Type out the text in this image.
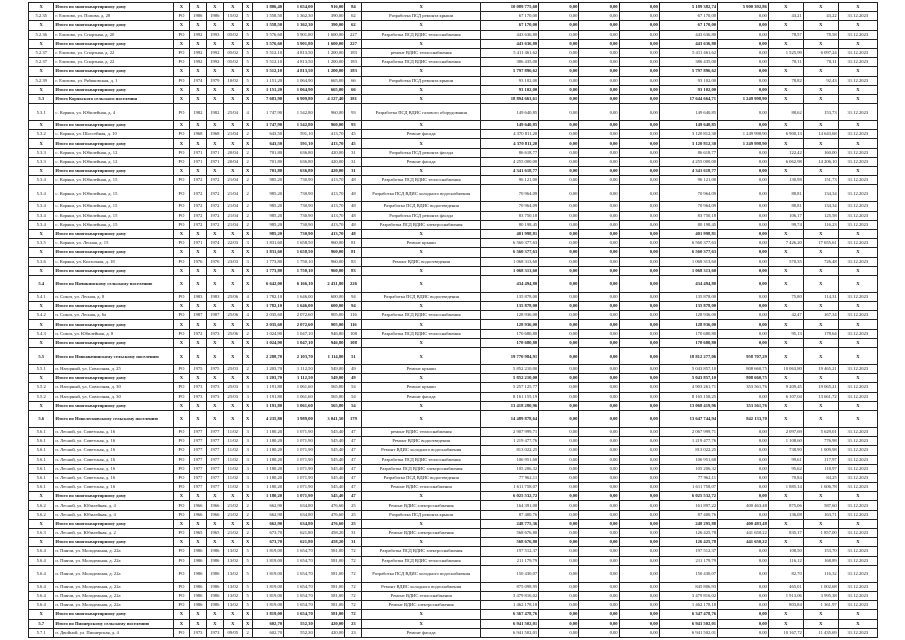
X	Итого по многоквартирному дому	X	X	X	X	X	1 806,40	1 654,00	916,00	84	X	10 089 775,60	0,00	0,00	0,00	5 189 382,74	5 900 392,86	X	X	X
5.2.35	г. Елизово, ул. Попова, д. 28	РО	1986	1986	15/02	5	1 558,50	1 362,30	390,00	62	Разработка ПСД ремонта крыши	67 170,00	0,00	0,00	0,00	67 170,00	0,00	43,21	43,22	31.12.2023
X	Итого по многоквартирному дому	X	X	X	X	X	1 558,50	1 362,30	390,00	62	X	67 170,00	0,00	0,00	0,00	67 170,00	0,00	X	X	X
5.2.36	г. Елизово, ул. Спортная, д. 20	РО	1992	1993	05/02	5	5 576,60	5 901,80	1 600,00	227	Разработка ПСД ВДИС теплоснабжения	443 636,80	0,00	0,00	0,00	443 636,80	0,00	78,57	78,58	31.12.2023
X	Итого по многоквартирному дому	X	X	X	X	X	5 576,60	5 901,80	1 600,00	227	X	443 636,80	0,00	0,00	0,00	443 636,80	0,00	X	X	X
5.2.37	г. Елизово, ул. Спортная, д. 22	РО	1992	1992	05/02	5	5 512,10	4 813,50	1 200,00	183	ремонт ВДИС теплоснабжения	5 411 461,62	0,00	0,00	0,00	5 411 461,62	0,00	1 525,99	6 097,24	31.12.2023
5.2.37	г. Елизово, ул. Спортная, д. 22	РО	1992	1992	05/02	5	5 512,10	4 813,50	1 200,00	183	Разработка ПСД ВДИС теплоснабжения	386 435,00	0,00	0,00	0,00	386 435,00	0,00	70,11	70,11	31.12.2023
X	Итого по многоквартирному дому	X	X	X	X	X	5 512,10	4 813,50	1 200,00	183	X	5 797 896,62	0,00	0,00	0,00	5 797 896,62	0,00	X	X	X
5.2.39	г. Елизово, ул. Рябиковская, д. 1	РО	1974	1979	10/02	5	1 151,20	1 064,90	665,00	66	Разработка ПСД ремонта крыши	93 102,00	0,00	0,00	0,00	93 102,00	0,00	78,82	92,43	31.12.2023
X	Итого по многоквартирному дому	X	X	X	X	X	1 151,20	1 064,90	665,00	66	X	93 102,00	0,00	0,00	0,00	93 102,00	0,00	X	X	X
5.3	Итого Корякского сельского поселения	X	X	X	X	X	7 683,90	6 909,80	4 127,40	381	X	18 894 663,61	0,00	0,00	0,00	17 644 664,71	1 249 998,90	X	X	X
5.3.1	с. Коряки, ул. Юбилейная, д. 4	РО	1982	1982	25/04	4	1 747,90	1 542,80	960,00	93	Разработка ПСД ВДИС газового оборудования	149 640,85	0,00	0,00	0,00	149 640,85	0,00	88,62	153,73	31.12.2023
X	Итого по многоквартирному дому	X	X	X	X	X	1 747,90	1 542,80	960,00	93	X	149 640,85	0,00	0,00	0,00	149 640,85	0,00	X	X	X
5.3.2	с. Коряки, ул. Шоссейная, д. 10	РО	1968	1968	21/04	2	643,50	591,10	413,70	45	Ремонт фасада	4 370 811,20	0,00	0,00	0,00	3 120 812,30	1 249 998,90	6 900,13	14 643,68	31.12.2023
X	Итого по многоквартирному дому	X	X	X	X	X	643,50	591,10	413,70	45	X	4 370 811,20	0,00	0,00	0,00	3 120 812,30	1 249 998,90	X	X	X
5.3.3	с. Коряки, ул. Юбилейная, д. 12	РО	1971	1971	20/04	2	701,80	636,80	420,00	31	Разработка ПСД ремонта фасада	86 618,77	0,00	0,00	0,00	86 618,77	0,00	122,42	160,00	31.12.2023
5.3.3	с. Коряки, ул. Юбилейная, д. 12	РО	1971	1971	20/04	2	701,80	636,80	420,00	31	Ремонт фасада	4 255 000,00	0,00	0,00	0,00	4 255 000,00	0,00	6 062,98	14 206,10	31.12.2023
X	Итого по многоквартирному дому	X	X	X	X	X	701,80	636,80	420,00	31	X	4 341 618,77	0,00	0,00	0,00	4 341 618,77	0,00	X	X	X
5.3.4	с. Коряки, ул. Юбилейная, д. 15	РО	1972	1972	21/04	2	985,20	730,90	413,70	48	Разработка ПСД ВДИС теплоснабжения	96 121,00	0,00	0,00	0,00	96 121,00	0,00	130,98	151,73	31.12.2023
5.3.4	с. Коряки, ул. Юбилейная, д. 15	РО	1972	1972	21/04	2	985,20	730,90	413,70	48	Разработка ПСД ВДИС холодного водоснабжения	70 964,09	0,00	0,00	0,00	70 964,09	0,00	88,81	134,34	31.12.2023
5.3.4	с. Коряки, ул. Юбилейная, д. 15	РО	1972	1972	21/04	2	985,20	730,90	413,70	48	Разработка ПСД ВДИС водоотведения	70 964,09	0,00	0,00	0,00	70 964,09	0,00	88,81	134,34	31.12.2023
5.3.4	с. Коряки, ул. Юбилейная, д. 15	РО	1972	1972	21/04	2	985,20	730,90	413,70	48	Разработка ПСД ремонта фасада	83 750,18	0,00	0,00	0,00	83 750,18	0,00	106,17	125,58	31.12.2023
5.3.4	с. Коряки, ул. Юбилейная, д. 15	РО	1972	1972	21/04	2	985,20	730,90	413,70	48	Разработка ПСД ВДИС электроснабжения	80 198,45	0,00	0,00	0,00	80 198,45	0,00	99,74	116,23	31.12.2023
X	Итого по многоквартирному дому	X	X	X	X	X	985,20	730,90	413,70	48	X	401 998,81	0,00	0,00	0,00	401 998,81	0,00	X	X	X
5.3.5	с. Коряки, ул. Лесная, д. 15	РО	1971	1974	22/03	3	1 831,60	1 658,50	960,00	81	Ремонт крыши	6 560 377,63	0,00	0,00	0,00	6 560 377,63	0,00	7 426,20	17 655,61	31.12.2023
X	Итого по многоквартирному дому	X	X	X	X	X	1 831,60	1 658,50	960,00	81	X	6 560 377,63	0,00	0,00	0,00	6 560 377,63	0,00	X	X	X
5.3.6	с. Коряки, ул. Колхозная, д. 18	РО	1976	1976	23/03	3	1 773,80	1 750,10	960,00	83	Ремонт ВДИС водоотведения	1 068 313,60	0,00	0,00	0,00	1 068 313,60	0,00	570,35	726,48	31.12.2023
X	Итого по многоквартирному дому	X	X	X	X	X	1 773,80	1 750,10	960,00	83	X	1 068 313,60	0,00	0,00	0,00	1 068 313,60	0,00	X	X	X
5.4	Итого по Начикинскому сельскому поселению	X	X	X	X	X	6 642,00	6 166,10	2 431,80	226	X	434 494,80	0,00	0,00	0,00	434 494,80	0,00	X	X	X
5.4.1	п. Сокоч, ул. Лесная, д. 8	РО	1983	1983	25/06	4	1 782,10	1 646,00	600,00	94	Разработка ПСД ВДИС водоотведения	135 878,00	0,00	0,00	0,00	135 878,00	0,00	75,80	114,31	31.12.2023
X	Итого по многоквартирному дому	X	X	X	X	X	1 782,10	1 646,00	600,00	94	X	135 878,00	0,00	0,00	0,00	135 878,00	0,00	X	X	X
5.4.2	п. Сокоч, ул. Лесная, д. 6а	РО	1987	1987	25/06	4	2 035,60	2 072,60	905,00	116	Разработка ПСД ВДИС теплоснабжения	128 936,00	0,00	0,00	0,00	128 936,00	0,00	42,47	167,34	31.12.2023
X	Итого по многоквартирному дому	X	X	X	X	X	2 035,60	2 072,60	905,00	116	X	128 936,00	0,00	0,00	0,00	128 936,00	0,00	X	X	X
5.4.3	п. Сокоч, ул. Юбилейная, д. 8	РО	1972	1973	25/06	2	1 024,90	1 047,10	946,80	108	Разработка ПСД ВДИС теплоснабжения	170 680,80	0,00	0,00	0,00	170 680,80	0,00	95,13	178,64	31.12.2023
X	Итого по многоквартирному дому	X	X	X	X	X	1 024,90	1 047,10	946,80	108	X	170 680,80	0,00	0,00	0,00	170 680,80	0,00	X	X	X
5.5	Итого по Новоавачинскому сельскому поселению	X	X	X	X	X	2 288,70	2 103,70	1 114,80	51	X	19 770 984,91	0,00	0,00	0,00	18 812 277,06	958 707,29	X	X	X
5.5.1	п. Нагорный, ул. Совхозная, д. 25	РО	1975	1975	25/03	2	1 203,70	1 112,50	549,00	49	Ремонт крыши	5 852 210,00	0,00	0,00	0,00	5 043 857,10	808 660,75	10 063,80	19 465,21	31.12.2023
X	Итого по многоквартирному дому	X	X	X	X	X	1 203,70	1 112,50	549,00	49	X	5 852 210,00	0,00	0,00	0,00	5 043 857,10	808 660,75	X	X	X
5.5.2	п. Нагорный, ул. Совхозная, д. 30	РО	1973	1973	25/03	3	1 191,80	1 061,60	565,80	54	Ремонт крыши	5 257 125,77	0,00	0,00	0,00	4 903 261,71	353 561,76	9 209,45	19 065,21	31.12.2023
5.5.2	п. Нагорный, ул. Совхозная, д. 30	РО	1973	1973	25/03	3	1 191,80	1 061,60	565,80	54	Ремонт фасада	8 161 155,19	0,00	0,00	0,00	8 165 158,25	0,00	6 107,04	13 661,72	31.12.2023
X	Итого по многоквартирному дому	X	X	X	X	X	1 191,80	1 061,60	565,80	54	X	13 418 280,96	0,00	0,00	0,00	13 068 419,96	353 561,76	X	X	X
5.6	Итого по Новолесновскому сельскому поселению	X	X	X	X	X	4 235,80	3 989,00	3 041,50	179	X	14 489 878,64	0,00	0,00	0,00	13 647 744,94	842 133,70	X	X	X
5.6.1	п. Лесной, ул. Советская, д. 16	РО	1977	1977	11/02	3	1 180,20	1 071,90	545,40	47	ремонт ВДИС теплоснабжения	2 907 999,71	0,00	0,00	0,00	2 067 999,71	0,00	2 097,69	5 629,01	31.12.2023
5.6.1	п. Лесной, ул. Советская, д. 16	РО	1977	1977	11/02	3	1 180,20	1 071,90	545,40	47	Ремонт ВДИС водоотведения	1 219 477,76	0,00	0,00	0,00	1 219 477,76	0,00	1 108,60	776,98	31.12.2023
5.6.1	п. Лесной, ул. Советская, д. 16	РО	1977	1977	11/02	3	1 180,20	1 071,90	545,40	47	Ремонт ВДИС холодного водоснабжения	813 022,25	0,00	0,00	0,00	813 022,25	0,00	738,90	1 009,98	31.12.2023
5.6.1	п. Лесной, ул. Советская, д. 16	РО	1977	1977	11/02	3	1 180,20	1 071,90	545,40	47	Разработка ПСД ВДИС теплоснабжения	106 951,68	0,00	0,00	0,00	106 951,68	0,00	99,61	117,97	31.12.2023
5.6.1	п. Лесной, ул. Советская, д. 16	РО	1977	1977	11/02	3	1 180,20	1 071,90	545,40	47	Разработка ПСД ВДИС электроснабжения	105 206,32	0,00	0,00	0,00	105 206,32	0,00	95,62	118,97	31.12.2023
5.6.1	п. Лесной, ул. Советская, д. 16	РО	1977	1977	11/02	3	1 180,20	1 071,90	545,40	47	Разработка ПСД ВДИС водоотведения	77 962,11	0,00	0,00	0,00	77 962,11	0,00	70,84	84,25	31.12.2023
5.6.1	п. Лесной, ул. Советская, д. 16	РО	1977	1977	11/02	3	1 180,20	1 071,90	545,40	47	Ремонт ВДИС теплоснабжения	1 611 758,07	0,00	0,00	0,00	1 611 758,07	0,00	1 885,14	1 606,78	31.12.2023
X	Итого по многоквартирному дому	X	X	X	X	X	1 180,20	1 071,90	545,40	47	X	6 025 532,72	0,00	0,00	0,00	6 025 532,72	0,00	X	X	X
5.6.2	п. Лесной, ул. Юбилейная, д. 4	РО	1966	1966	21/02	2	662,90	634,80	476,60	25	Ремонт ВДИС электроснабжения	164 391,00	0,00	0,00	0,00	161 897,22	400 463,48	875,06	587,60	31.12.2023
5.6.2	п. Лесной, ул. Юбилейная, д. 4	РО	1966	1966	21/02	2	662,90	634,80	476,60	25	Разработка ПСД ремонта крыши	87 400,76	0,00	0,00	0,00	87 400,76	0,00	136,08	163,71	31.12.2023
X	Итого по многоквартирному дому	X	X	X	X	X	662,90	634,80	476,60	25	X	248 775,36	0,00	0,00	0,00	248 295,88	400 483,48	X	X	X
5.6.3	п. Лесной, ул. Юбилейная, д. 2	РО	1965	1965	21/02	2	673,70	621,80	458,20	31	Ремонт ВДИС электроснабжения	568 676,80	0,00	0,00	0,00	126 425,78	441 650,22	835,17	1 857,00	31.12.2023
X	Итого по многоквартирному дому	X	X	X	X	X	673,70	621,80	458,20	31	X	568 676,80	0,00	0,00	0,00	126 425,78	441 650,22	X	X	X
5.6.4	п. Пинчи, ул. Молодежная, д. 22а	РО	1986	1986	13/02	5	1 819,00	1 654,70	581,00	72	Разработка ПСД ВДИС электроснабжения	197 512,37	0,00	0,00	0,00	197 512,37	0,00	108,50	153,70	31.12.2023
5.6.4	п. Пинчи, ул. Молодежная, д. 22а	РО	1986	1986	13/02	5	1 819,00	1 654,70	581,00	72	Разработка ПСД ВДИС теплоснабжения	211 179,79	0,00	0,00	0,00	211 179,79	0,00	116,12	168,89	31.12.2023
5.6.4	п. Пинчи, ул. Молодежная, д. 22а	РО	1986	1986	13/02	5	1 819,00	1 654,70	581,00	72	Разработка ПСД ВДИС холодного водоснабжения	150 430,07	0,00	0,00	0,00	150 430,07	0,00	82,70	116,32	31.12.2023
5.6.4	п. Пинчи, ул. Молодежная, д. 22а	РО	1986	1986	13/02	5	1 819,00	1 654,70	581,00	72	Ремонт ВДИС холодного водоснабжения	875 098,95	0,00	0,00	0,00	845 806,93	0,00	465,01	1 002,68	31.12.2023
5.6.4	п. Пинчи, ул. Молодежная, д. 22а	РО	1986	1986	13/02	5	1 819,00	1 654,70	581,00	72	Ремонт ВДИС теплоснабжения	3 479 816,02	0,00	0,00	0,00	3 479 816,02	0,00	1 913,06	3 995,38	31.12.2023
5.6.4	п. Пинчи, ул. Молодежная, д. 22а	РО	1986	1986	13/02	5	1 819,00	1 654,70	581,00	72	Ремонт ВДИС электроснабжения	1 462 178,18	0,00	0,00	0,00	1 462 178,18	0,00	803,84	1 361,97	31.12.2023
X	Итого по многоквартирному дому	X	X	X	X	X	1 819,00	1 654,70	581,00	72	X	6 367 478,76	0,00	0,00	0,00	6 347 478,76	0,00	X	X	X
5.7	Итого по Пионерскому сельскому поселению	X	X	X	X	X	602,70	552,30	420,00	23	X	6 941 502,01	0,00	0,00	0,00	6 941 502,01	0,00	X	X	X
5.7.1	п. Двойной, ул. Пионерская, д. 4	РО	1973	1973	09/05	2	602,70	552,30	420,00	23	Ремонт фасада	6 941 502,01	0,00	0,00	0,00	6 941 502,01	0,00	10 167,72	11 435,69	31.12.2023
